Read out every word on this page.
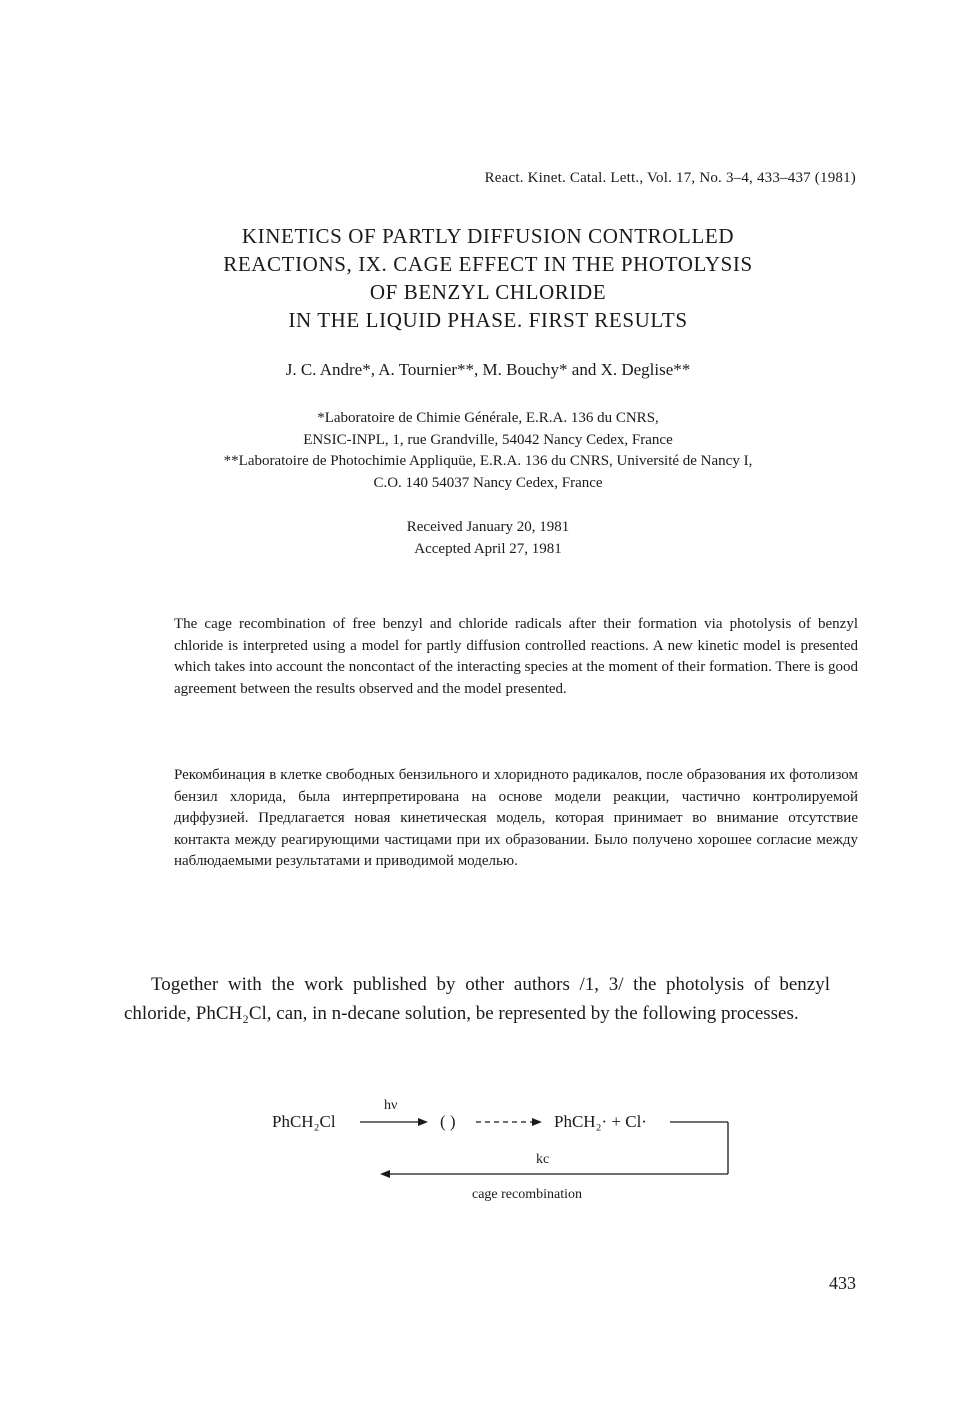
React. Kinet. Catal. Lett., Vol. 17, No. 3–4, 433–437 (1981)
KINETICS OF PARTLY DIFFUSION CONTROLLED
REACTIONS, IX. CAGE EFFECT IN THE PHOTOLYSIS
OF BENZYL CHLORIDE
IN THE LIQUID PHASE. FIRST RESULTS
J. C. Andre*, A. Tournier**, M. Bouchy* and X. Deglise**
*Laboratoire de Chimie Générale, E.R.A. 136 du CNRS,
ENSIC-INPL, 1, rue Grandville, 54042 Nancy Cedex, France
**Laboratoire de Photochimie Appliquüe, E.R.A. 136 du CNRS, Université de Nancy I,
C.O. 140 54037 Nancy Cedex, France
Received January 20, 1981
Accepted April 27, 1981
The cage recombination of free benzyl and chloride radicals after their formation via photolysis of benzyl chloride is interpreted using a model for partly diffusion controlled reactions. A new kinetic model is presented which takes into account the noncontact of the interacting species at the moment of their formation. There is good agreement between the results observed and the model presented.
Рекомбинация в клетке свободных бензильного и хлоридното радикалов, после образования их фотолизом бензил хлорида, была интерпретирована на основе модели реакции, частично контролируемой диффузией. Предлагается новая кинетическая модель, которая принимает во внимание отсутствие контакта между реагирующими частицами при их образовании. Было получено хорошее согласие между наблюдаемыми результатами и приводимой моделью.
Together with the work published by other authors /1, 3/ the photolysis of benzyl chloride, PhCH₂Cl, can, in n-decane solution, be represented by the following processes.
PhCH₂Cl
hν
( )	PhCH₂· + Cl·
kc
cage recombination
433
